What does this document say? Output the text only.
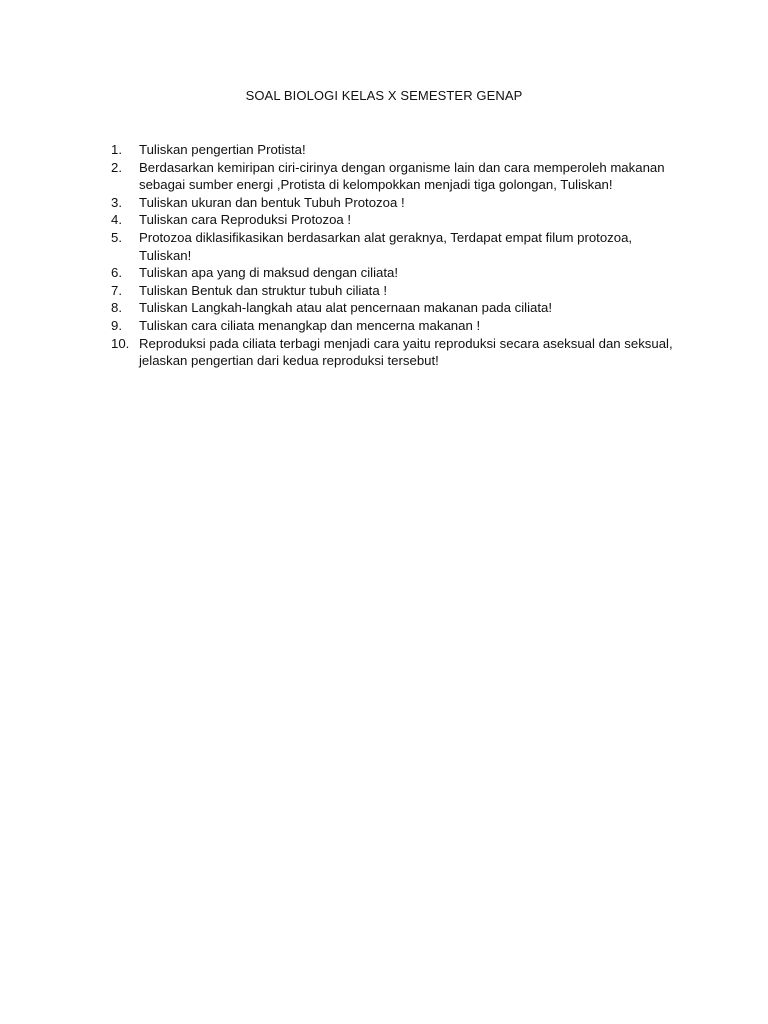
SOAL BIOLOGI KELAS X SEMESTER GENAP
1.	Tuliskan pengertian Protista!
2.	Berdasarkan kemiripan ciri-cirinya dengan organisme lain dan cara memperoleh makanan
sebagai sumber energi ,Protista di kelompokkan menjadi tiga golongan, Tuliskan!
3.	Tuliskan ukuran dan bentuk Tubuh Protozoa !
4.	Tuliskan cara Reproduksi Protozoa !
5.	Protozoa diklasifikasikan berdasarkan alat geraknya, Terdapat empat filum protozoa,
Tuliskan!
6.	Tuliskan apa yang di maksud dengan ciliata!
7.	Tuliskan Bentuk dan struktur tubuh ciliata !
8.	Tuliskan Langkah-langkah atau alat pencernaan makanan pada ciliata!
9.	Tuliskan cara ciliata menangkap dan mencerna makanan !
10. Reproduksi pada ciliata terbagi menjadi cara yaitu reproduksi secara aseksual dan seksual,
jelaskan pengertian dari kedua reproduksi tersebut!
